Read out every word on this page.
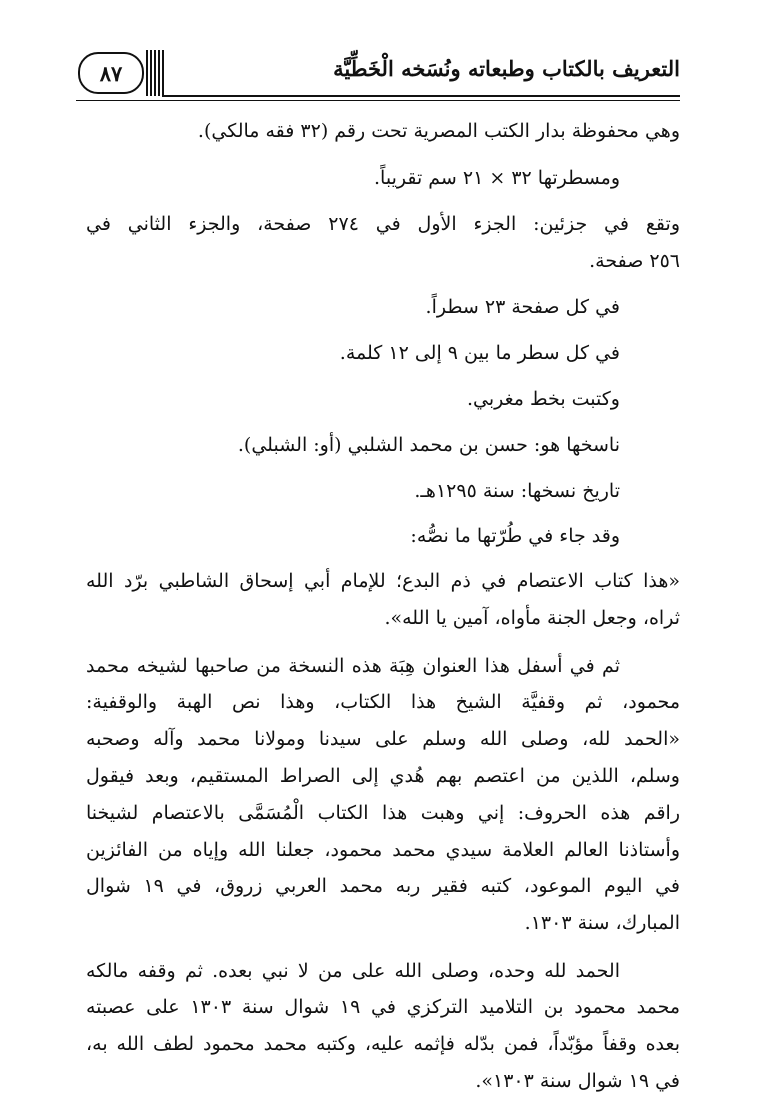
التعريف بالكتاب وطبعاته ونُسَخه الْخَطِّيَّة
٨٧
وهي محفوظة بدار الكتب المصرية تحت رقم (٣٢ فقه مالكي).
ومسطرتها ٣٢ × ٢١ سم تقريباً.
وتقع في جزئين: الجزء الأول في ٢٧٤ صفحة، والجزء الثاني في
٢٥٦ صفحة.
في كل صفحة ٢٣ سطراً.
في كل سطر ما بين ٩ إلى ١٢ كلمة.
وكتبت بخط مغربي.
ناسخها هو: حسن بن محمد الشلبي (أو: الشبلي).
تاريخ نسخها: سنة ١٢٩٥هـ.
وقد جاء في طُرّتها ما نصُّه:
«هذا كتاب الاعتصام في ذم البدع؛ للإمام أبي إسحاق الشاطبي برّد الله
ثراه، وجعل الجنة مأواه، آمين يا الله».
ثم في أسفل هذا العنوان هِبَة هذه النسخة من صاحبها لشيخه محمد
محمود، ثم وقفيَّة الشيخ هذا الكتاب، وهذا نص الهبة والوقفية:
«الحمد لله، وصلى الله وسلم على سيدنا ومولانا محمد وآله وصحبه
وسلم، اللذين من اعتصم بهم هُدي إلى الصراط المستقيم، وبعد فيقول
راقم هذه الحروف: إني وهبت هذا الكتاب الْمُسَمَّى بالاعتصام لشيخنا
وأستاذنا العالم العلامة سيدي محمد محمود، جعلنا الله وإياه من الفائزين
في اليوم الموعود، كتبه فقير ربه محمد العربي زروق، في ١٩ شوال
المبارك، سنة ١٣٠٣.
الحمد لله وحده، وصلى الله على من لا نبي بعده. ثم وقفه مالكه
محمد محمود بن التلاميد التركزي في ١٩ شوال سنة ١٣٠٣ على عصبته
بعده وقفاً مؤبّداً، فمن بدّله فإثمه عليه، وكتبه محمد محمود لطف الله به،
في ١٩ شوال سنة ١٣٠٣».
